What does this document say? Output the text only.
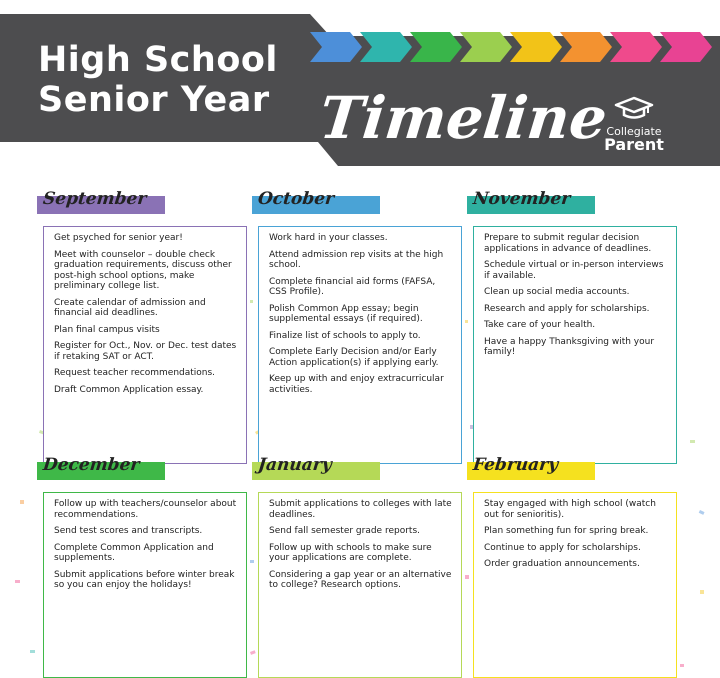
High School
Senior Year Timeline
Collegiate
Parent
September
Get psyched for senior year!
Meet with counselor – double check graduation requirements, discuss other post-high school options, make preliminary college list.
Create calendar of admission and financial aid deadlines.
Plan final campus visits
Register for Oct., Nov. or Dec. test dates if retaking SAT or ACT.
Request teacher recommendations.
Draft Common Application essay.
October
Work hard in your classes.
Attend admission rep visits at the high school.
Complete financial aid forms (FAFSA, CSS Profile).
Polish Common App essay; begin supplemental essays (if required).
Finalize list of schools to apply to.
Complete Early Decision and/or Early Action application(s) if applying early.
Keep up with and enjoy extracurricular activities.
November
Prepare to submit regular decision applications in advance of deadlines.
Schedule virtual or in-person interviews if available.
Clean up social media accounts.
Research and apply for scholarships.
Take care of your health.
Have a happy Thanksgiving with your family!
December
Follow up with teachers/counselor about recommendations.
Send test scores and transcripts.
Complete Common Application and supplements.
Submit applications before winter break so you can enjoy the holidays!
January
Submit applications to colleges with late deadlines.
Send fall semester grade reports.
Follow up with schools to make sure your applications are complete.
Considering a gap year or an alternative to college? Research options.
February
Stay engaged with high school (watch out for senioritis).
Plan something fun for spring break.
Continue to apply for scholarships.
Order graduation announcements.
